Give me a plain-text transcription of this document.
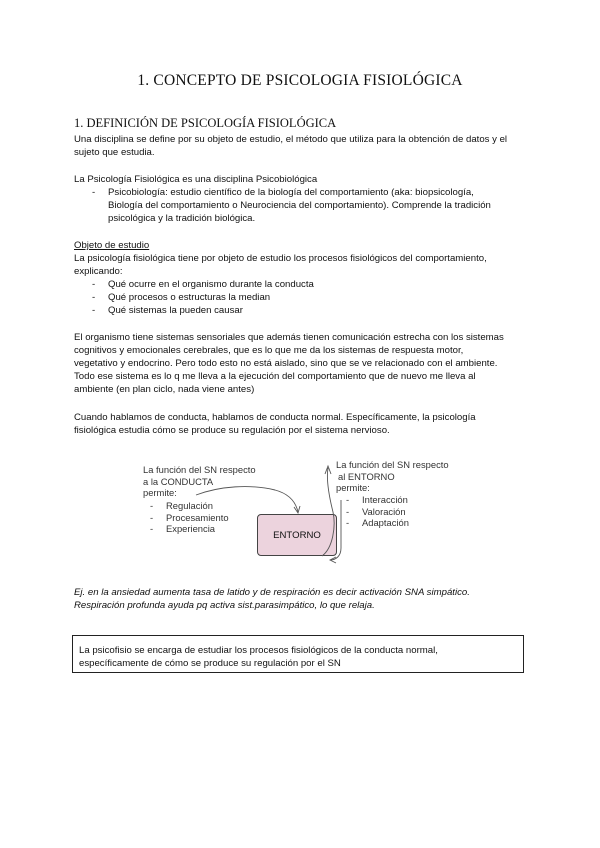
1. CONCEPTO DE PSICOLOGIA FISIOLÓGICA
1. DEFINICIÓN DE PSICOLOGÍA FISIOLÓGICA
Una disciplina se define por su objeto de estudio, el método que utiliza para la obtención de datos y el
sujeto que estudia.
La Psicología Fisiológica es una disciplina Psicobiológica
- Psicobiología: estudio científico de la biología del comportamiento (aka: biopsicología,
Biología del comportamiento o Neurociencia del comportamiento). Comprende la tradición
psicológica y la tradición biológica.
Objeto de estudio
La psicología fisiológica tiene por objeto de estudio los procesos fisiológicos del comportamiento,
explicando:
- Qué ocurre en el organismo durante la conducta
- Qué procesos o estructuras la median
- Qué sistemas la pueden causar
El organismo tiene sistemas sensoriales que además tienen comunicación estrecha con los sistemas
cognitivos y emocionales cerebrales, que es lo que me da los sistemas de respuesta motor,
vegetativo y endocrino. Pero todo esto no está aislado, sino que se ve relacionado con el ambiente.
Todo ese sistema es lo q me lleva a la ejecución del comportamiento que de nuevo me lleva al
ambiente (en plan ciclo, nada viene antes)
Cuando hablamos de conducta, hablamos de conducta normal. Específicamente, la psicología
fisiológica estudia cómo se produce su regulación por el sistema nervioso.
La función del SN respecto
a la CONDUCTA
permite:
- Regulación
- Procesamiento
- Experiencia
La función del SN respecto
al ENTORNO
permite:
- Interacción
- Valoración
- Adaptación
ENTORNO
Ej. en la ansiedad aumenta tasa de latido y de respiración es decir activación SNA simpático.
Respiración profunda ayuda pq activa sist.parasimpático, lo que relaja.
La psicofisio se encarga de estudiar los procesos fisiológicos de la conducta normal,
específicamente de cómo se produce su regulación por el SN
